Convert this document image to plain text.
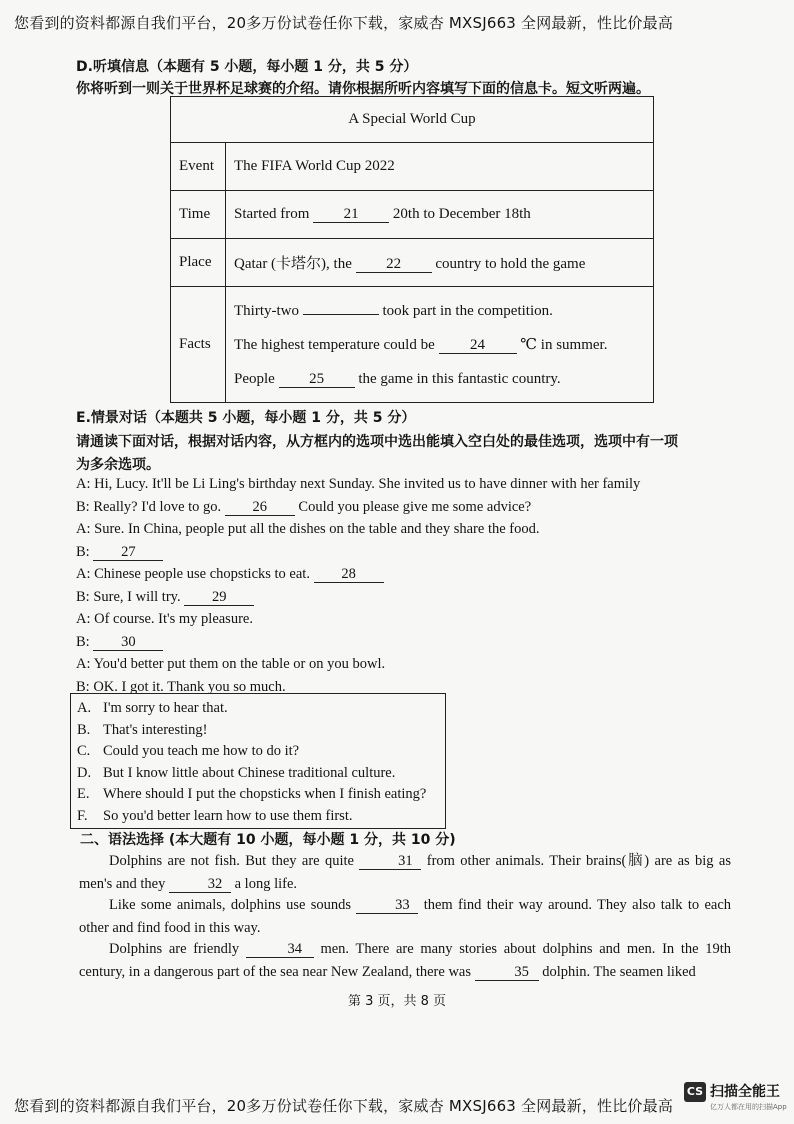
您看到的资料都源自我们平台，20多万份试卷任你下载，家威杏 MXSJ663 全网最新，性比价最高
D.听填信息（本题有 5 小题，每小题 1 分，共 5 分）
你将听到一则关于世界杯足球赛的介绍。请你根据所听内容填写下面的信息卡。短文听两遍。
A Special World Cup	
Event	The FIFA World Cup 2022
Time	Started from 21 20th to December 18th
Place	Qatar (卡塔尔), the 22 country to hold the game
Facts	Thirty-two took part in the competition.
The highest temperature could be 24 ℃ in summer.
People 25 the game in this fantastic country.
E.情景对话（本题共 5 小题，每小题 1 分，共 5 分）
请通读下面对话，根据对话内容，从方框内的选项中选出能填入空白处的最佳选项，选项中有一项
为多余选项。
A: Hi, Lucy. It'll be Li Ling's birthday next Sunday. She invited us to have dinner with her family
B: Really? I'd love to go. 26 Could you please give me some advice?
A: Sure. In China, people put all the dishes on the table and they share the food.
B: 27
A: Chinese people use chopsticks to eat. 28
B: Sure, I will try. 29
A: Of course. It's my pleasure.
B: 30
A: You'd better put them on the table or on you bowl.
B: OK. I got it. Thank you so much.
A. I'm sorry to hear that.
B. That's interesting!
C. Could you teach me how to do it?
D. But I know little about Chinese traditional culture.
E. Where should I put the chopsticks when I finish eating?
F. So you'd better learn how to use them first.
二、语法选择 (本大题有 10 小题，每小题 1 分，共 10 分)
Dolphins are not fish. But they are quite	31 from other animals. Their brains(脑) are as big as men's and they	32 a long life.
Like some animals, dolphins use sounds	33 them find their way around. They also talk to each other and find food in this way.
Dolphins are friendly	34 men. There are many stories about dolphins and men. In the 19th century, in a dangerous part of the sea near New Zealand, there was	35 dolphin. The seamen liked
第 3 页，共 8 页
您看到的资料都源自我们平台，20多万份试卷任你下载，家威杏 MXSJ663 全网最新，性比价最高
CS 扫描全能王
亿万人都在用的扫描App
